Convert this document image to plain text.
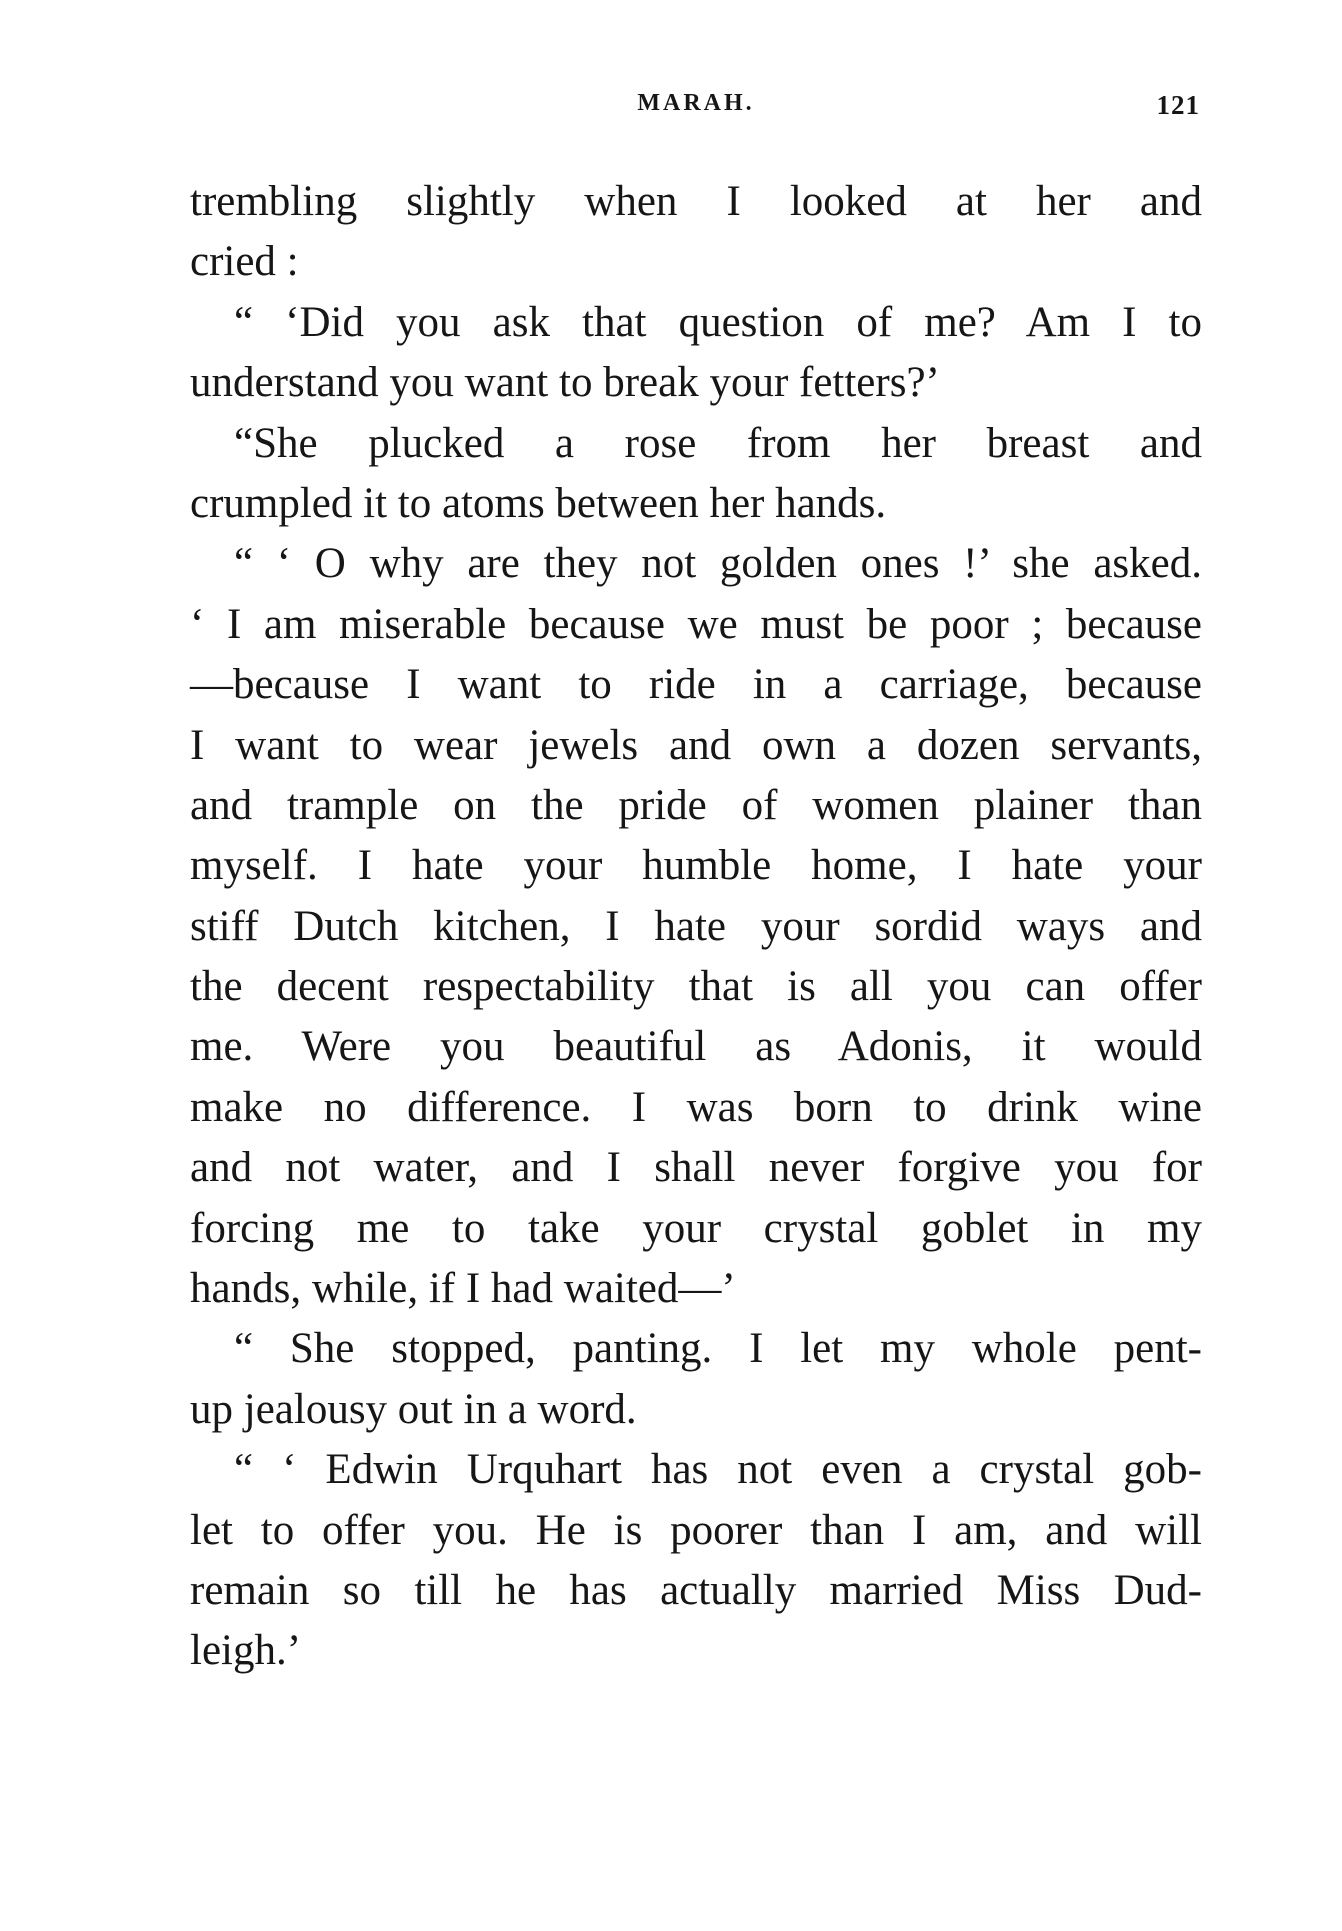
MARAH.	121
trembling slightly when I looked at her and
cried :
“ ‘Did you ask that question of me? Am I to
understand you want to break your fetters?’
“She plucked a rose from her breast and
crumpled it to atoms between her hands.
“ ‘ O why are they not golden ones !’ she asked.
‘ I am miserable because we must be poor ; because
—because I want to ride in a carriage, because
I want to wear jewels and own a dozen servants,
and trample on the pride of women plainer than
myself. I hate your humble home, I hate your
stiff Dutch kitchen, I hate your sordid ways and
the decent respectability that is all you can offer
me. Were you beautiful as Adonis, it would
make no difference. I was born to drink wine
and not water, and I shall never forgive you for
forcing me to take your crystal goblet in my
hands, while, if I had waited—’
“ She stopped, panting. I let my whole pent-
up jealousy out in a word.
“ ‘ Edwin Urquhart has not even a crystal gob-
let to offer you. He is poorer than I am, and will
remain so till he has actually married Miss Dud-
leigh.’
